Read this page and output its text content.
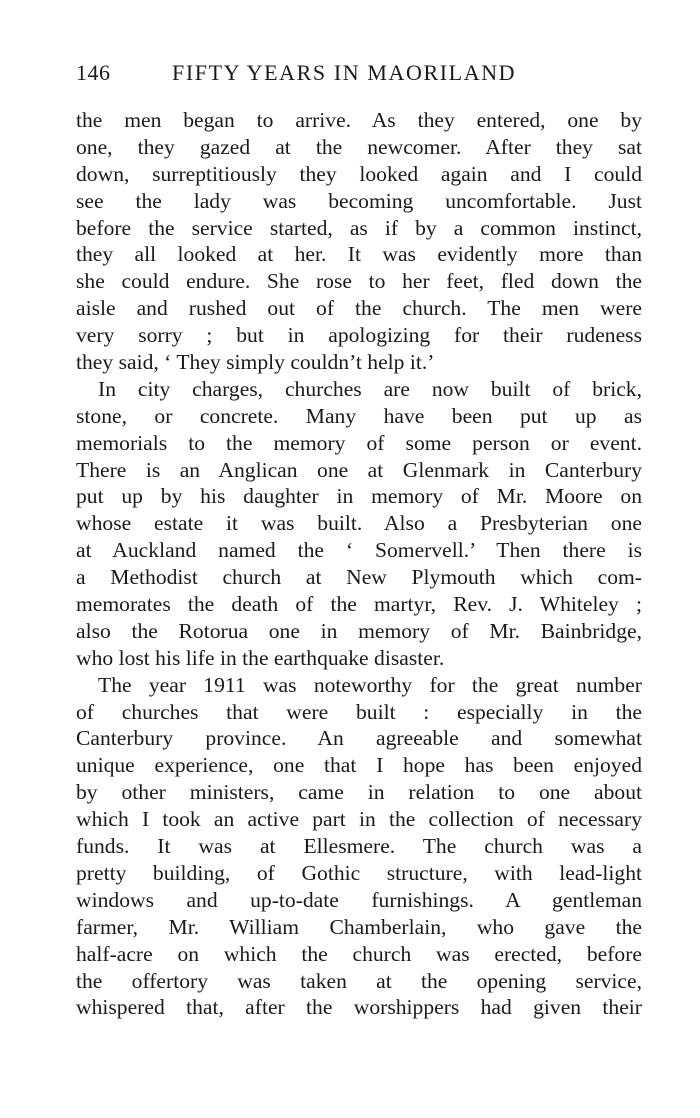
146	FIFTY YEARS IN MAORILAND
the men began to arrive. As they entered, one by
one, they gazed at the newcomer. After they sat
down, surreptitiously they looked again and I could
see the lady was becoming uncomfortable. Just
before the service started, as if by a common instinct,
they all looked at her. It was evidently more than
she could endure. She rose to her feet, fled down the
aisle and rushed out of the church. The men were
very sorry ; but in apologizing for their rudeness
they said, ‘ They simply couldn’t help it.’
In city charges, churches are now built of brick,
stone, or concrete. Many have been put up as
memorials to the memory of some person or event.
There is an Anglican one at Glenmark in Canterbury
put up by his daughter in memory of Mr. Moore on
whose estate it was built. Also a Presbyterian one
at Auckland named the ‘ Somervell.’ Then there is
a Methodist church at New Plymouth which com-
memorates the death of the martyr, Rev. J. Whiteley ;
also the Rotorua one in memory of Mr. Bainbridge,
who lost his life in the earthquake disaster.
The year 1911 was noteworthy for the great number
of churches that were built : especially in the
Canterbury province. An agreeable and somewhat
unique experience, one that I hope has been enjoyed
by other ministers, came in relation to one about
which I took an active part in the collection of necessary
funds. It was at Ellesmere. The church was a
pretty building, of Gothic structure, with lead-light
windows and up-to-date furnishings. A gentleman
farmer, Mr. William Chamberlain, who gave the
half-acre on which the church was erected, before
the offertory was taken at the opening service,
whispered that, after the worshippers had given their
